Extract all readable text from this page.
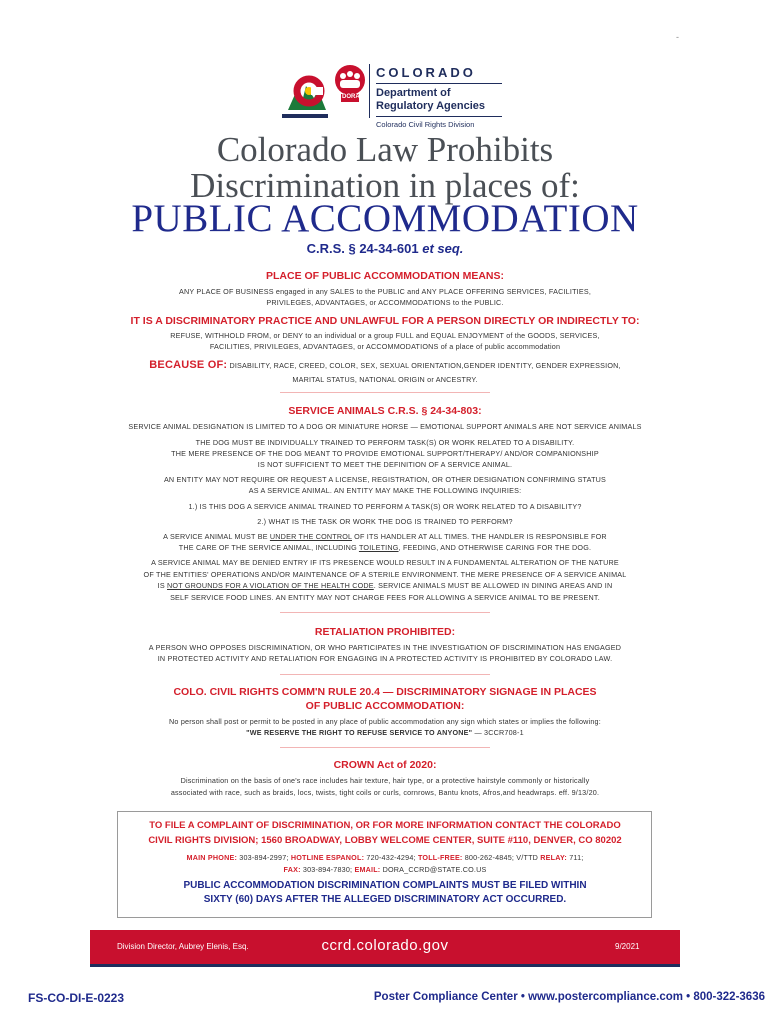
-
DORA
COLORADO
Department of
Regulatory Agencies
Colorado Civil Rights Division
Colorado Law Prohibits
Discrimination in places of:
PUBLIC ACCOMMODATION
C.R.S. § 24-34-601 et seq.
PLACE OF PUBLIC ACCOMMODATION MEANS:
ANY PLACE OF BUSINESS engaged in any SALES to the PUBLIC and ANY PLACE OFFERING SERVICES, FACILITIES,
PRIVILEGES, ADVANTAGES, or ACCOMMODATIONS to the PUBLIC.
IT IS A DISCRIMINATORY PRACTICE AND UNLAWFUL FOR A PERSON DIRECTLY OR INDIRECTLY TO:
REFUSE, WITHHOLD FROM, or DENY to an individual or a group FULL and EQUAL ENJOYMENT of the GOODS, SERVICES,
FACILITIES, PRIVILEGES, ADVANTAGES, or ACCOMMODATIONS of a place of public accommodation
BECAUSE OF: DISABILITY, RACE, CREED, COLOR, SEX, SEXUAL ORIENTATION,GENDER IDENTITY, GENDER EXPRESSION,
MARITAL STATUS, NATIONAL ORIGIN or ANCESTRY.
SERVICE ANIMALS C.R.S. § 24-34-803:
SERVICE ANIMAL DESIGNATION IS LIMITED TO A DOG OR MINIATURE HORSE — EMOTIONAL SUPPORT ANIMALS ARE NOT SERVICE ANIMALS
THE DOG MUST BE INDIVIDUALLY TRAINED TO PERFORM TASK(S) OR WORK RELATED TO A DISABILITY.
THE MERE PRESENCE OF THE DOG MEANT TO PROVIDE EMOTIONAL SUPPORT/THERAPY/ AND/OR COMPANIONSHIP
IS NOT SUFFICIENT TO MEET THE DEFINITION OF A SERVICE ANIMAL.
AN ENTITY MAY NOT REQUIRE OR REQUEST A LICENSE, REGISTRATION, OR OTHER DESIGNATION CONFIRMING STATUS
AS A SERVICE ANIMAL. AN ENTITY MAY MAKE THE FOLLOWING INQUIRIES:
1.) IS THIS DOG A SERVICE ANIMAL TRAINED TO PERFORM A TASK(S) OR WORK RELATED TO A DISABILITY?
2.) WHAT IS THE TASK OR WORK THE DOG IS TRAINED TO PERFORM?
A SERVICE ANIMAL MUST BE UNDER THE CONTROL OF ITS HANDLER AT ALL TIMES. THE HANDLER IS RESPONSIBLE FOR
THE CARE OF THE SERVICE ANIMAL, INCLUDING TOILETING, FEEDING, AND OTHERWISE CARING FOR THE DOG.
A SERVICE ANIMAL MAY BE DENIED ENTRY IF ITS PRESENCE WOULD RESULT IN A FUNDAMENTAL ALTERATION OF THE NATURE
OF THE ENTITIES' OPERATIONS AND/OR MAINTENANCE OF A STERILE ENVIRONMENT. THE MERE PRESENCE OF A SERVICE ANIMAL
IS NOT GROUNDS FOR A VIOLATION OF THE HEALTH CODE. SERVICE ANIMALS MUST BE ALLOWED IN DINING AREAS AND IN
SELF SERVICE FOOD LINES. AN ENTITY MAY NOT CHARGE FEES FOR ALLOWING A SERVICE ANIMAL TO BE PRESENT.
RETALIATION PROHIBITED:
A PERSON WHO OPPOSES DISCRIMINATION, OR WHO PARTICIPATES IN THE INVESTIGATION OF DISCRIMINATION HAS ENGAGED
IN PROTECTED ACTIVITY AND RETALIATION FOR ENGAGING IN A PROTECTED ACTIVITY IS PROHIBITED BY COLORADO LAW.
COLO. CIVIL RIGHTS COMM'N RULE 20.4 — DISCRIMINATORY SIGNAGE IN PLACES
OF PUBLIC ACCOMMODATION:
No person shall post or permit to be posted in any place of public accommodation any sign which states or implies the following:
"WE RESERVE THE RIGHT TO REFUSE SERVICE TO ANYONE" — 3CCR708-1
CROWN Act of 2020:
Discrimination on the basis of one's race includes hair texture, hair type, or a protective hairstyle commonly or historically
associated with race, such as braids, locs, twists, tight coils or curls, cornrows, Bantu knots, Afros,and headwraps. eff. 9/13/20.
TO FILE A COMPLAINT OF DISCRIMINATION, OR FOR MORE INFORMATION CONTACT THE COLORADO
CIVIL RIGHTS DIVISION; 1560 BROADWAY, LOBBY WELCOME CENTER, SUITE #110, DENVER, CO 80202
MAIN PHONE: 303-894-2997; HOTLINE ESPANOL: 720-432-4294; TOLL-FREE: 800-262-4845; V/TTD RELAY: 711;
FAX: 303-894-7830; EMAIL: DORA_CCRD@STATE.CO.US
PUBLIC ACCOMMODATION DISCRIMINATION COMPLAINTS MUST BE FILED WITHIN
SIXTY (60) DAYS AFTER THE ALLEGED DISCRIMINATORY ACT OCCURRED.
Division Director, Aubrey Elenis, Esq.	ccrd.colorado.gov	9/2021
FS-CO-DI-E-0223	Poster Compliance Center • www.postercompliance.com • 800-322-3636
